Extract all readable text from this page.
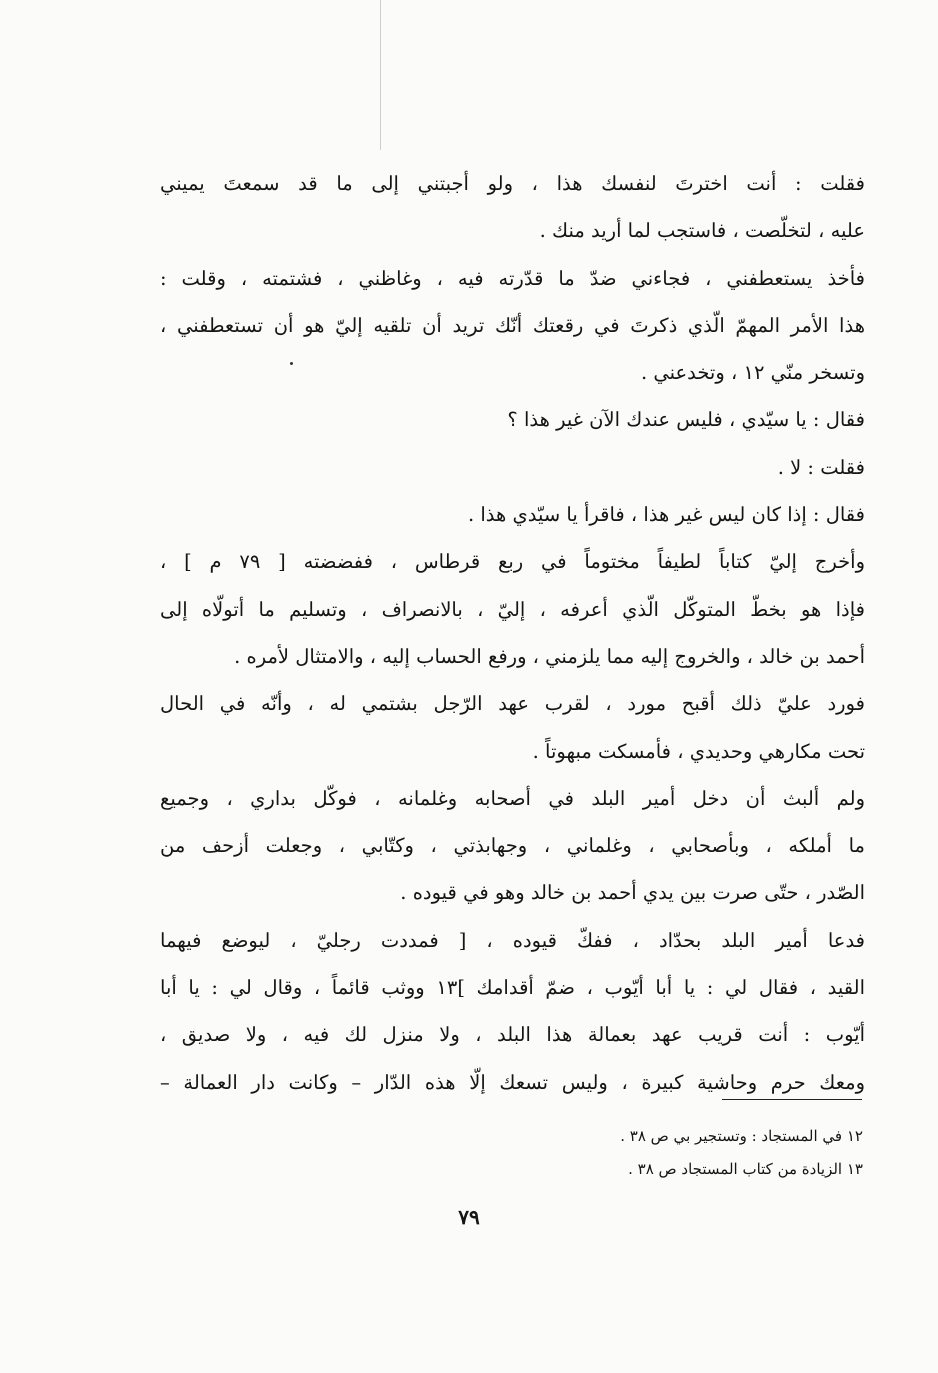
فقلت : أنت اخترتَ لنفسك هذا ، ولو أجبتني إلى ما قد سمعتَ يميني
عليه ، لتخلّصت ، فاستجب لما أريد منك .
فأخذ يستعطفني ، فجاءني ضدّ ما قدّرته فيه ، وغاظني ، فشتمته ، وقلت :
هذا الأمر المهمّ الّذي ذكرتَ في رقعتك أنّك تريد أن تلقيه إليّ هو أن تستعطفني ،
وتسخر منّي ١٢ ، وتخدعني .
فقال : يا سيّدي ، فليس عندك الآن غير هذا ؟
فقلت : لا .
فقال : إذا كان ليس غير هذا ، فاقرأ يا سيّدي هذا .
وأخرج إليّ كتاباً لطيفاً مختوماً في ربع قرطاس ، ففضضته [ ٧٩ م ] ،
فإذا هو بخطّ المتوكّل الّذي أعرفه ، إليّ ، بالانصراف ، وتسليم ما أتولّاه إلى
أحمد بن خالد ، والخروج إليه مما يلزمني ، ورفع الحساب إليه ، والامتثال لأمره .
فورد عليّ ذلك أقبح مورد ، لقرب عهد الرّجل بشتمي له ، وأنّه في الحال
تحت مكارهي وحديدي ، فأمسكت مبهوتاً .
ولم ألبث أن دخل أمير البلد في أصحابه وغلمانه ، فوكّل بداري ، وجميع
ما أملكه ، وبأصحابي ، وغلماني ، وجهابذتي ، وكتّابي ، وجعلت أزحف من
الصّدر ، حتّى صرت بين يدي أحمد بن خالد وهو في قيوده .
فدعا أمير البلد بحدّاد ، ففكّ قيوده ، [ فمددت رجليّ ، ليوضع فيهما
القيد ، فقال لي : يا أبا أيّوب ، ضمّ أقدامك ]١٣ ووثب قائماً ، وقال لي : يا أبا
أيّوب : أنت قريب عهد بعمالة هذا البلد ، ولا منزل لك فيه ، ولا صديق ،
ومعك حرم وحاشية كبيرة ، وليس تسعك إلّا هذه الدّار – وكانت دار العمالة –
١٢ في المستجاد : وتستجير بي ص ٣٨ .
١٣ الزيادة من كتاب المستجاد ص ٣٨ .
٧٩
